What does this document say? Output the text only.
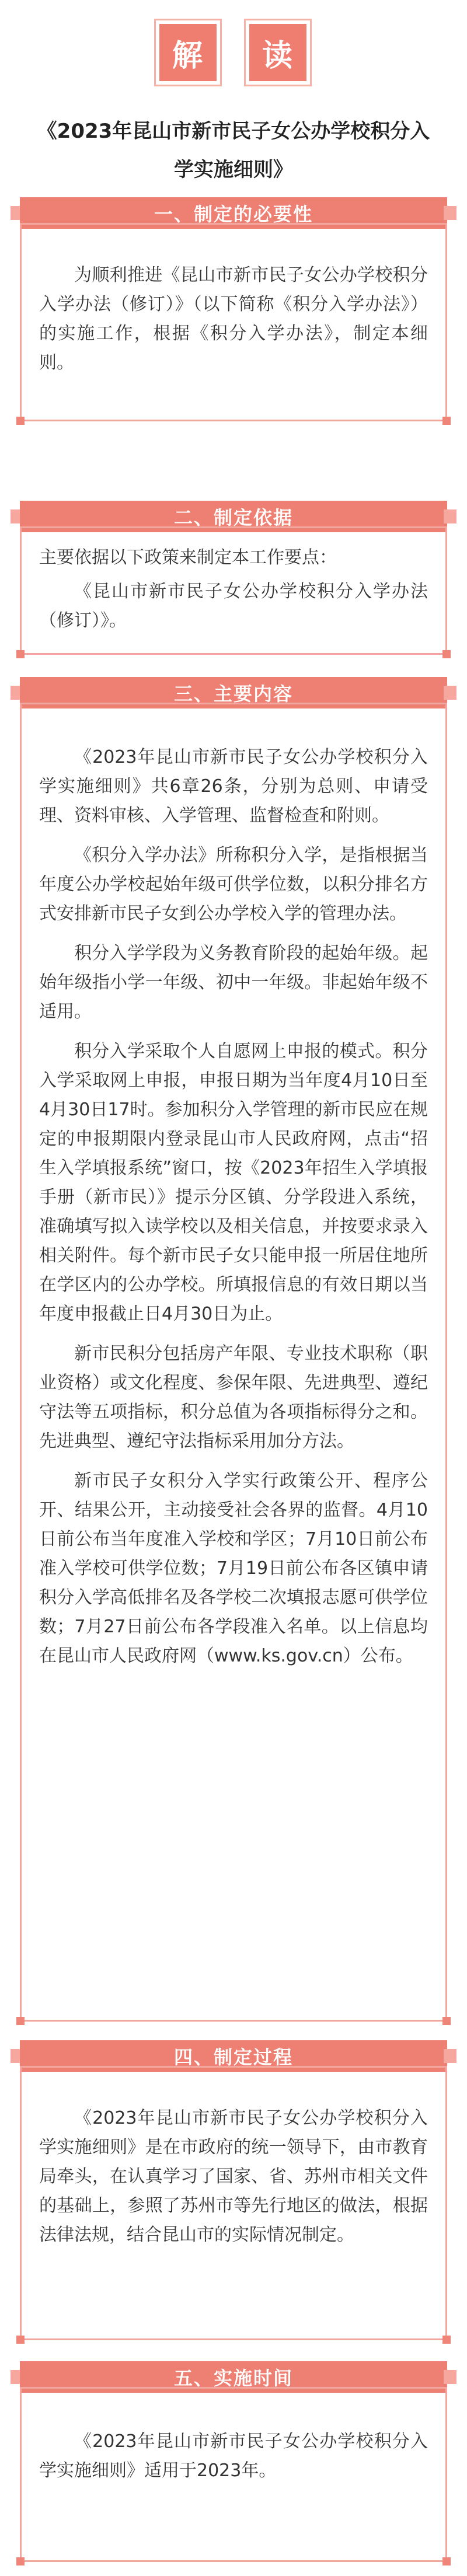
解	读
《2023年昆山市新市民子女公办学校积分入学实施细则》
一、制定的必要性

为顺利推进《昆山市新市民子女公办学校积分入学办法（修订）》（以下简称《积分入学办法》）的实施工作，根据《积分入学办法》，制定本细则。

二、制定依据

主要依据以下政策来制定本工作要点：

《昆山市新市民子女公办学校积分入学办法（修订）》。

三、主要内容

《2023年昆山市新市民子女公办学校积分入学实施细则》共6章26条，分别为总则、申请受理、资料审核、入学管理、监督检查和附则。

《积分入学办法》所称积分入学，是指根据当年度公办学校起始年级可供学位数，以积分排名方式安排新市民子女到公办学校入学的管理办法。

积分入学学段为义务教育阶段的起始年级。起始年级指小学一年级、初中一年级。非起始年级不适用。

积分入学采取个人自愿网上申报的模式。积分入学采取网上申报，申报日期为当年度4月10日至4月30日17时。参加积分入学管理的新市民应在规定的申报期限内登录昆山市人民政府网，点击“招生入学填报系统”窗口，按《2023年招生入学填报手册（新市民）》提示分区镇、分学段进入系统，准确填写拟入读学校以及相关信息，并按要求录入相关附件。每个新市民子女只能申报一所居住地所在学区内的公办学校。所填报信息的有效日期以当年度申报截止日4月30日为止。

新市民积分包括房产年限、专业技术职称（职业资格）或文化程度、参保年限、先进典型、遵纪守法等五项指标，积分总值为各项指标得分之和。先进典型、遵纪守法指标采用加分方法。

新市民子女积分入学实行政策公开、程序公开、结果公开，主动接受社会各界的监督。4月10日前公布当年度准入学校和学区；7月10日前公布准入学校可供学位数；7月19日前公布各区镇申请积分入学高低排名及各学校二次填报志愿可供学位数；7月27日前公布各学段准入名单。以上信息均在昆山市人民政府网（www.ks.gov.cn）公布。

四、制定过程

《2023年昆山市新市民子女公办学校积分入学实施细则》是在市政府的统一领导下，由市教育局牵头，在认真学习了国家、省、苏州市相关文件的基础上，参照了苏州市等先行地区的做法，根据法律法规，结合昆山市的实际情况制定。

五、实施时间

《2023年昆山市新市民子女公办学校积分入学实施细则》适用于2023年。
